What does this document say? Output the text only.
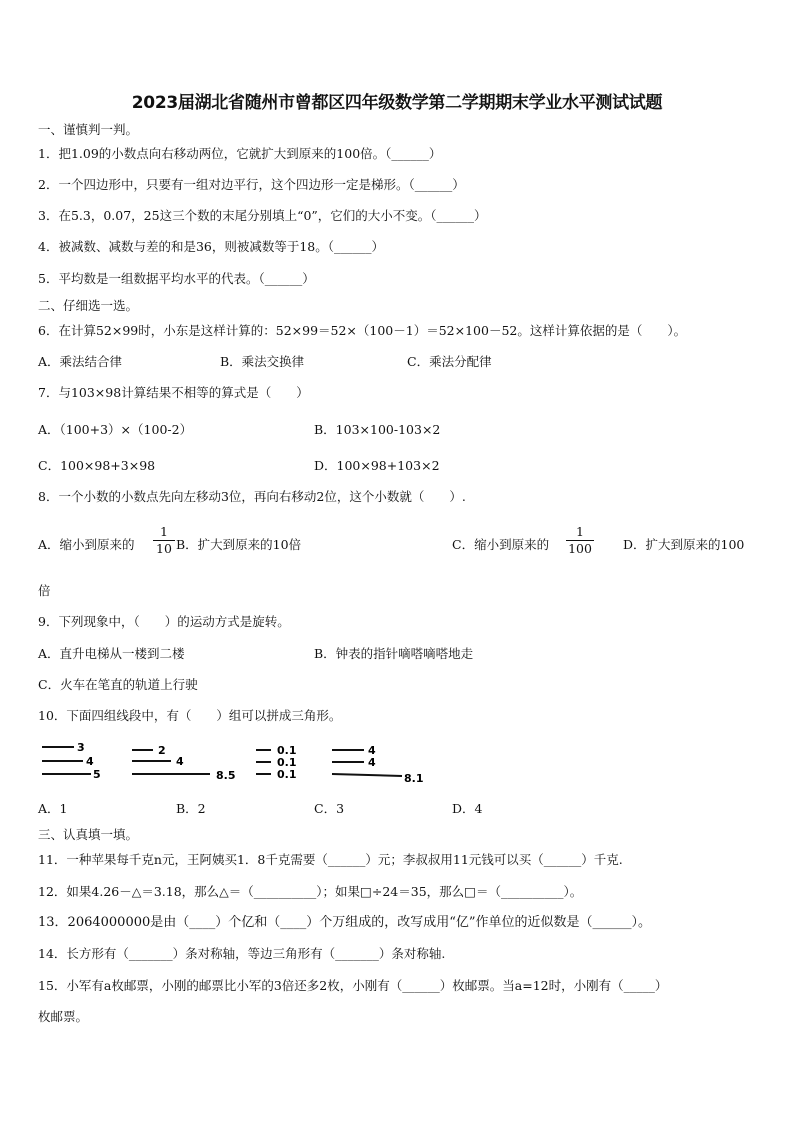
2023届湖北省随州市曾都区四年级数学第二学期期末学业水平测试试题
一、谨慎判一判。
1．把1.09的小数点向右移动两位，它就扩大到原来的100倍。（______）
2．一个四边形中，只要有一组对边平行，这个四边形一定是梯形。（______）
3．在5.3，0.07，25这三个数的末尾分别填上“0”，它们的大小不变。（______）
4．被减数、减数与差的和是36，则被减数等于18。（______）
5．平均数是一组数据平均水平的代表。（______）
二、仔细选一选。
6．在计算52×99时，小东是这样计算的：52×99＝52×（100－1）＝52×100－52。这样计算依据的是（　　）。
A．乘法结合律	B．乘法交换律	C．乘法分配律
7．与103×98计算结果不相等的算式是（　　）
A．（100+3）×（100-2）	B．103×100-103×2
C．100×98+3×98	D．100×98+103×2
8．一个小数的小数点先向左移动3位，再向右移动2位，这个小数就（　　）.
A．缩小到原来的 $\frac{1}{10}$ B．扩大到原来的10倍	C．缩小到原来的 $\frac{1}{100}$ D．扩大到原来的100
倍
9．下列现象中，（　　）的运动方式是旋转。
A．直升电梯从一楼到二楼	B．钟表的指针嘀嗒嘀嗒地走
C．火车在笔直的轨道上行驶
10．下面四组线段中，有（　　）组可以拼成三角形。
3
4
5
2
4
8.5
0.1
0.1
0.1
4
4
8.1
A．1	B．2	C．3	D．4
三、认真填一填。
11．一种苹果每千克n元，王阿姨买1．8千克需要（______）元；李叔叔用11元钱可以买（______）千克.
12．如果4.26－△＝3.18，那么△＝（__________）；如果□÷24＝35，那么□＝（__________）。
13．2064000000是由（____）个亿和（____）个万组成的，改写成用“亿”作单位的近似数是（______）。
14．长方形有（_______）条对称轴，等边三角形有（_______）条对称轴.
15．小军有a枚邮票，小刚的邮票比小军的3倍还多2枚，小刚有（______）枚邮票。当a=12时，小刚有（_____）
枚邮票。
